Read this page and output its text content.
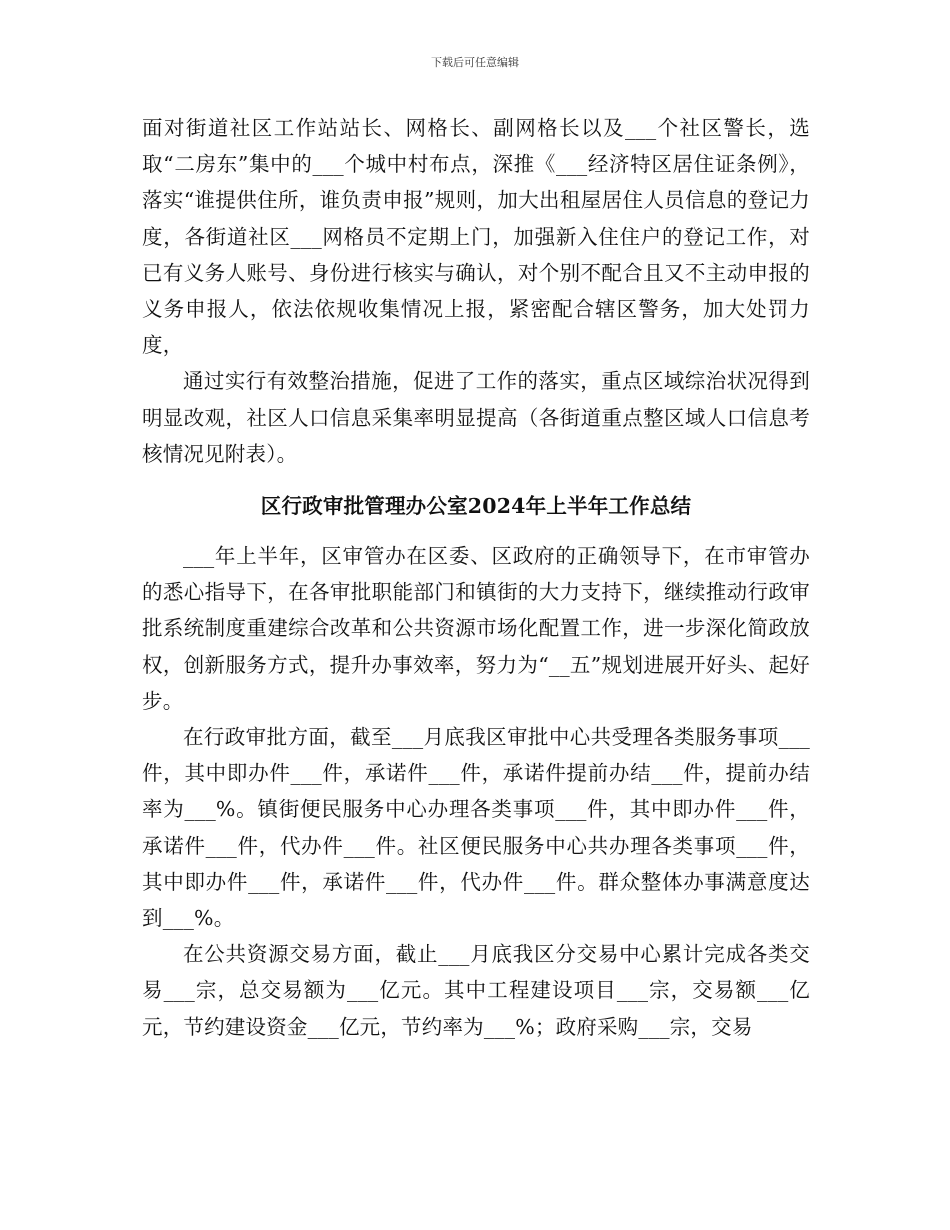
下载后可任意编辑

面对街道社区工作站站长、网格长、副网格长以及___个社区警长，选取“二房东”集中的___个城中村布点，深推《___经济特区居住证条例》，落实“谁提供住所，谁负责申报”规则，加大出租屋居住人员信息的登记力度，各街道社区___网格员不定期上门，加强新入住住户的登记工作，对已有义务人账号、身份进行核实与确认，对个别不配合且又不主动申报的义务申报人，依法依规收集情况上报，紧密配合辖区警务，加大处罚力度，

通过实行有效整治措施，促进了工作的落实，重点区域综治状况得到明显改观，社区人口信息采集率明显提高（各街道重点整区域人口信息考核情况见附表）。

区行政审批管理办公室2024年上半年工作总结

___年上半年，区审管办在区委、区政府的正确领导下，在市审管办的悉心指导下，在各审批职能部门和镇街的大力支持下，继续推动行政审批系统制度重建综合改革和公共资源市场化配置工作，进一步深化简政放权，创新服务方式，提升办事效率，努力为“__五”规划进展开好头、起好步。

在行政审批方面，截至___月底我区审批中心共受理各类服务事项___件，其中即办件___件，承诺件___件，承诺件提前办结___件，提前办结率为___%。镇街便民服务中心办理各类事项___件，其中即办件___件，承诺件___件，代办件___件。社区便民服务中心共办理各类事项___件，其中即办件___件，承诺件___件，代办件___件。群众整体办事满意度达到___%。

在公共资源交易方面，截止___月底我区分交易中心累计完成各类交易___宗，总交易额为___亿元。其中工程建设项目___宗，交易额___亿元，节约建设资金___亿元，节约率为___%；政府采购___宗，交易
